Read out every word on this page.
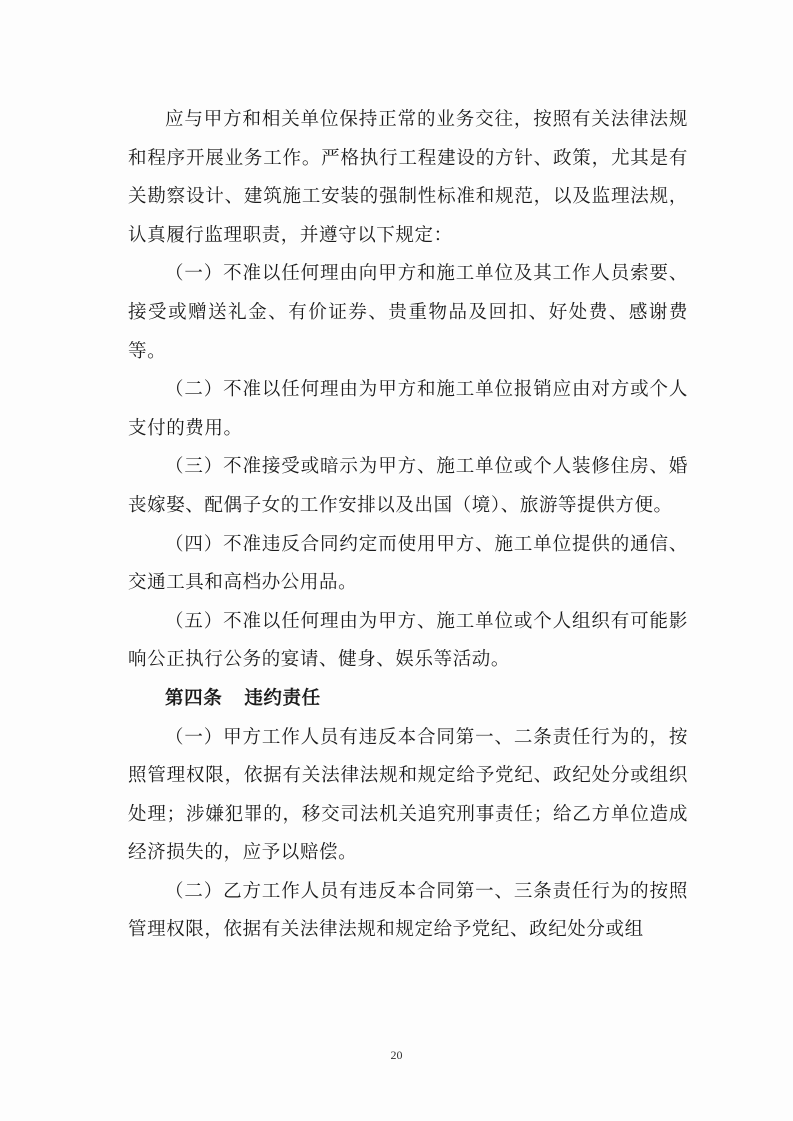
应与甲方和相关单位保持正常的业务交往，按照有关法律法规和程序开展业务工作。严格执行工程建设的方针、政策，尤其是有关勘察设计、建筑施工安装的强制性标准和规范，以及监理法规，认真履行监理职责，并遵守以下规定：

（一）不准以任何理由向甲方和施工单位及其工作人员索要、接受或赠送礼金、有价证券、贵重物品及回扣、好处费、感谢费等。

（二）不准以任何理由为甲方和施工单位报销应由对方或个人支付的费用。

（三）不准接受或暗示为甲方、施工单位或个人装修住房、婚丧嫁娶、配偶子女的工作安排以及出国（境）、旅游等提供方便。

（四）不准违反合同约定而使用甲方、施工单位提供的通信、交通工具和高档办公用品。

（五）不准以任何理由为甲方、施工单位或个人组织有可能影响公正执行公务的宴请、健身、娱乐等活动。

第四条 违约责任

（一）甲方工作人员有违反本合同第一、二条责任行为的，按照管理权限，依据有关法律法规和规定给予党纪、政纪处分或组织处理；涉嫌犯罪的，移交司法机关追究刑事责任；给乙方单位造成经济损失的，应予以赔偿。

（二）乙方工作人员有违反本合同第一、三条责任行为的按照管理权限，依据有关法律法规和规定给予党纪、政纪处分或组

20
